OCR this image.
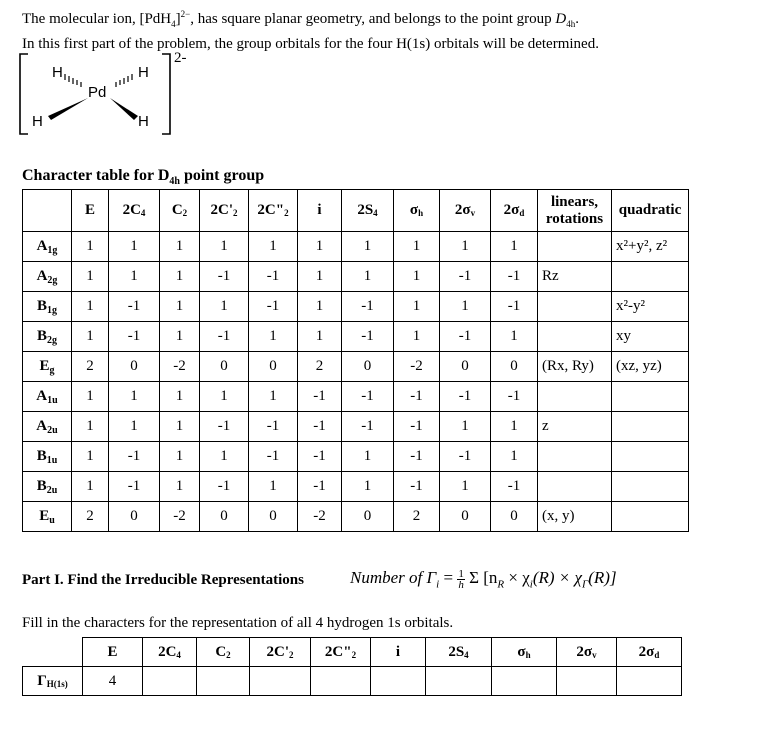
The molecular ion, $[PdH_4]^{2-}$, has square planar geometry, and belongs to the point group $D_{4h}$.
In this first part of the problem, the group orbitals for the four H(1s) orbitals will be determined.
H	H
Pd
H	H
2-
Character table for $D_{4h}$ point group
	E	2C4	C2	2C'2	2C"2	i	2S4	σh	2σv	2σd	linears, rotations	quadratic
$A_{1g}$	1	1	1	1	1	1	1	1	1	1		x²+y², z²
$A_{2g}$	1	1	1	-1	-1	1	1	1	-1	-1	Rz	
$B_{1g}$	1	-1	1	1	-1	1	-1	1	1	-1		x²-y²
$B_{2g}$	1	-1	1	-1	1	1	-1	1	-1	1		xy
$E_g$	2	0	-2	0	0	2	0	-2	0	0	(Rx, Ry)	(xz, yz)
$A_{1u}$	1	1	1	1	1	-1	-1	-1	-1	-1		
$A_{2u}$	1	1	1	-1	-1	-1	-1	-1	1	1	z	
$B_{1u}$	1	-1	1	1	-1	-1	1	-1	-1	1		
$B_{2u}$	1	-1	1	-1	1	-1	1	-1	1	-1		
$E_u$	2	0	-2	0	0	-2	0	2	0	0	(x, y)	
Part I. Find the Irreducible Representations	Number of $\Gamma_i = \frac{1}{h}$ Σ $[n_R \times \chi_i(R) \times \chi_\Gamma(R)]$
Fill in the characters for the representation of all 4 hydrogen 1s orbitals.
	E	2C4	C2	2C'2	2C"2	i	2S4	σh	2σv	2σd
ΓH(1s)	4									
